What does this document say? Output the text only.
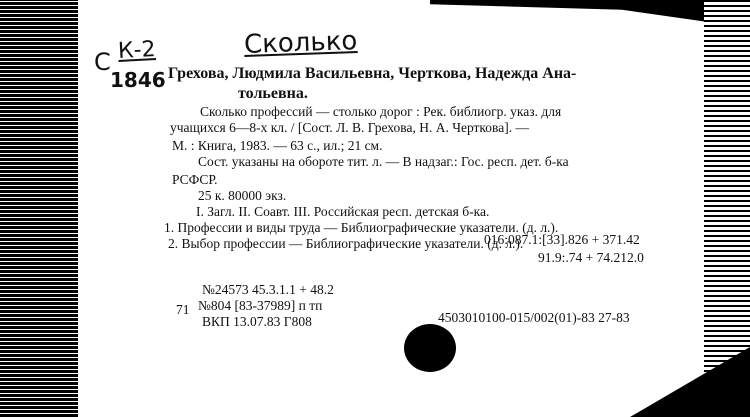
С К-2
1846
Сколько
Грехова, Людмила Васильевна, Черткова, Надежда Ана-
тольевна.
Сколько профессий — столько дорог : Рек. библиогр. указ. для
учащихся 6—8-х кл. / [Сост. Л. В. Грехова, Н. А. Черткова]. —
М. : Книга, 1983. — 63 с., ил.; 21 см.
Сост. указаны на обороте тит. л. — В надзаг.: Гос. респ. дет. б-ка
РСФСР.
25 к. 80000 экз.
I. Загл. II. Соавт. III. Российская респ. детская б-ка.
1. Профессии и виды труда — Библиографические указатели. (д. л.).
2. Выбор профессии — Библиографические указатели. (д. л.).
016:087.1:[33].826 + 371.42
91.9:.74 + 74.212.0
№24573 45.3.1.1 + 48.2
71 №804 [83-37989] п тп
ВКП 13.07.83 Г808	4503010100-015/002(01)-83 27-83
